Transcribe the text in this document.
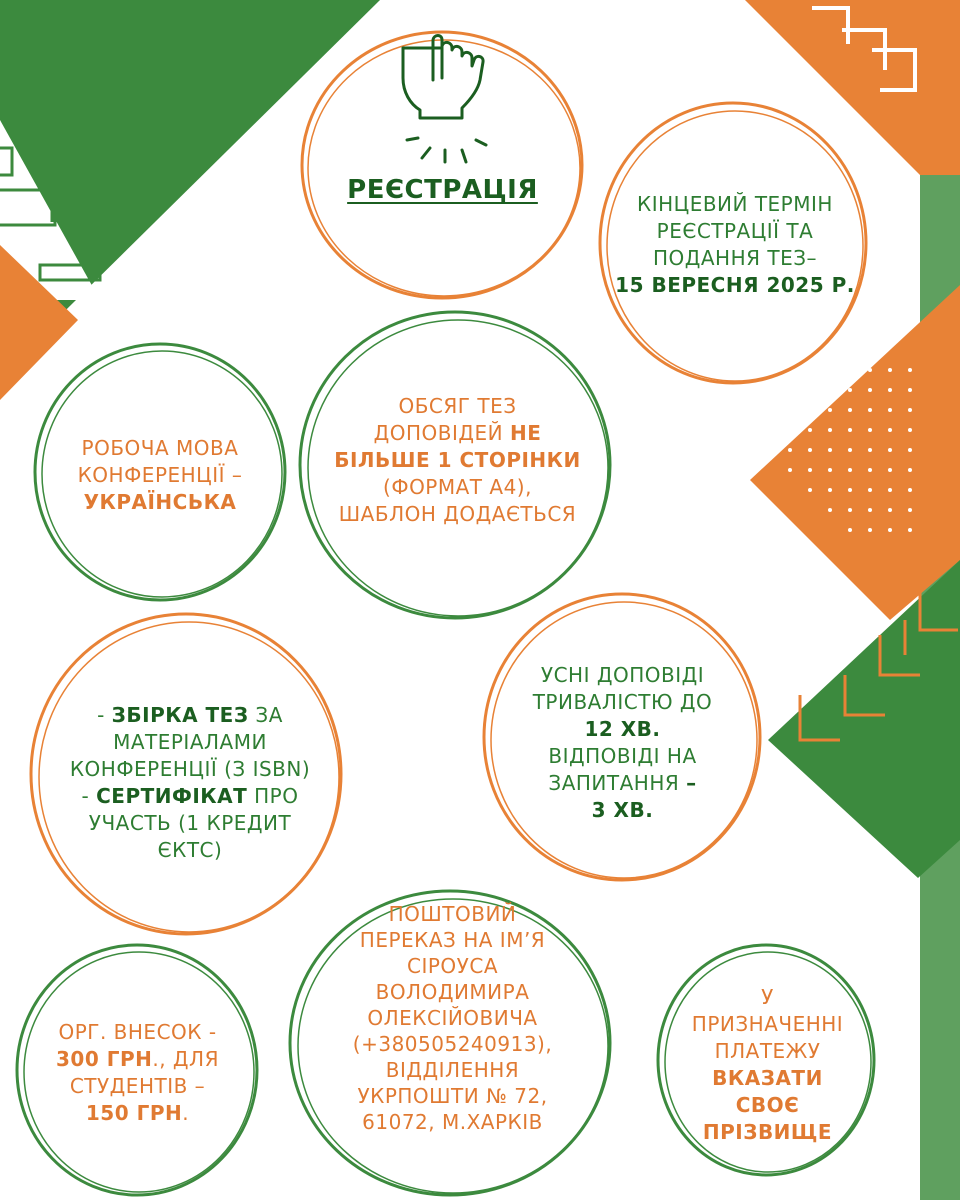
РЕЄСТРАЦІЯ	КІНЦЕВИЙ ТЕРМІН
РЕЄСТРАЦІЇ ТА
ПОДАННЯ ТЕЗ–
15 ВЕРЕСНЯ 2025 Р.
РОБОЧА МОВА
КОНФЕРЕНЦІЇ –
УКРАЇНСЬКА
ОБСЯГ ТЕЗ
ДОПОВІДЕЙ НЕ
БІЛЬШЕ 1 СТОРІНКИ
(ФОРМАТ А4),
ШАБЛОН ДОДАЄТЬСЯ
- ЗБІРКА ТЕЗ ЗА
МАТЕРІАЛАМИ
КОНФЕРЕНЦІЇ (З ISBN)
- СЕРТИФІКАТ ПРО
УЧАСТЬ (1 КРЕДИТ
ЄКТС)
УСНІ ДОПОВІДІ
ТРИВАЛІСТЮ ДО
12 ХВ.
ВІДПОВІДІ НА
ЗАПИТАННЯ –
3 ХВ.
ОРГ. ВНЕСОК -
300 ГРН., ДЛЯ
СТУДЕНТІВ –
150 ГРН.
ПОШТОВИЙ
ПЕРЕКАЗ НА ІМ’Я
СІРОУСА
ВОЛОДИМИРА
ОЛЕКСІЙОВИЧА
(+380505240913),
ВІДДІЛЕННЯ
УКРПОШТИ № 72,
61072, М.ХАРКІВ
У
ПРИЗНАЧЕННІ
ПЛАТЕЖУ
ВКАЗАТИ
СВОЄ
ПРІЗВИЩЕ
